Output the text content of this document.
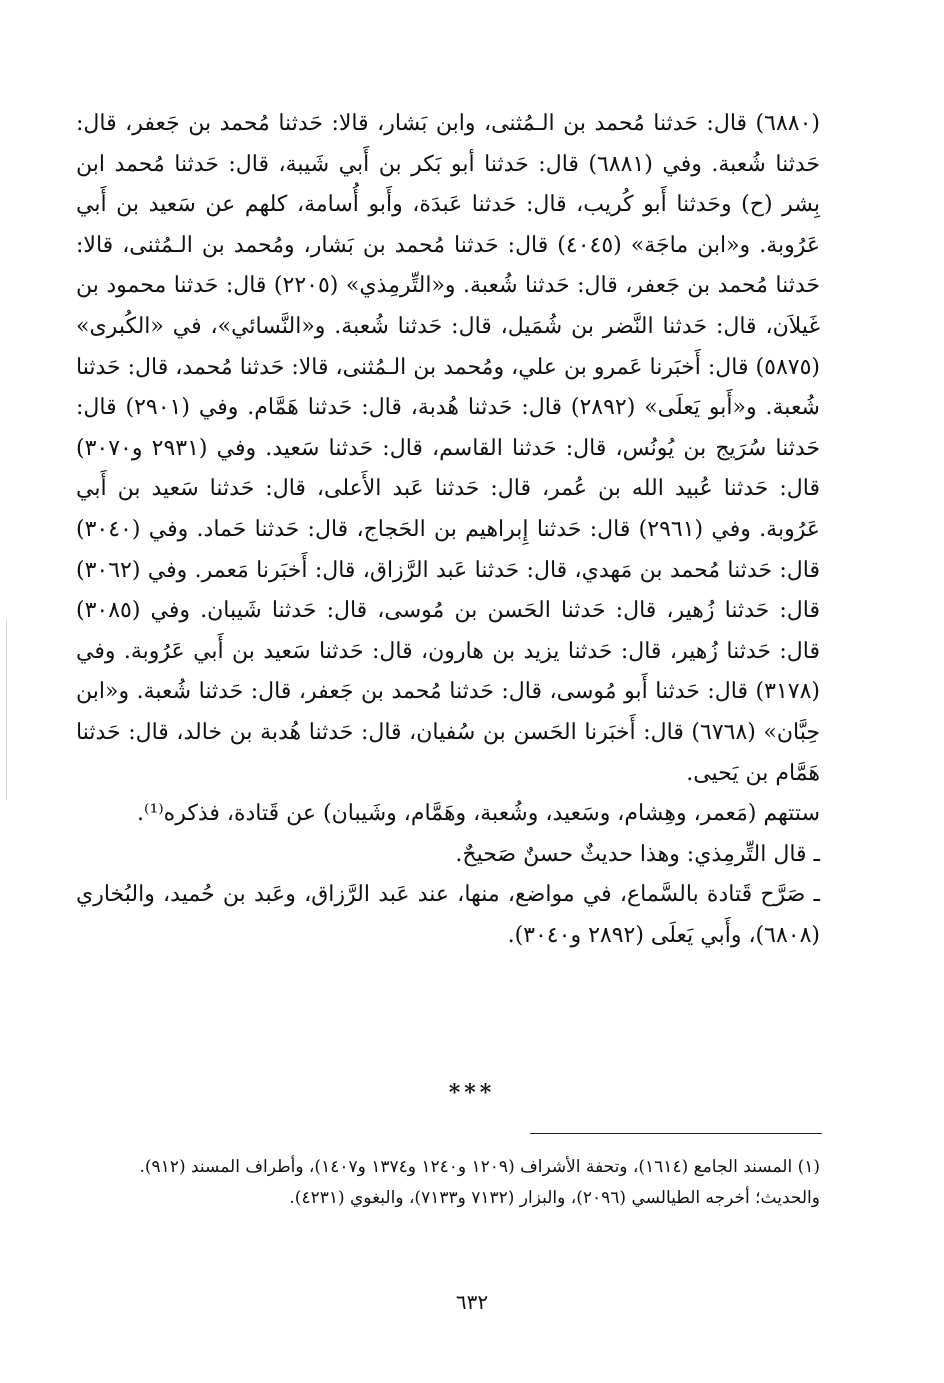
(٦٨٨٠) قال: حَدثنا مُحمد بن الـمُثنى، وابن بَشار، قالا: حَدثنا مُحمد بن جَعفر، قال: حَدثنا شُعبة. وفي (٦٨٨١) قال: حَدثنا أبو بَكر بن أَبي شَيبة، قال: حَدثنا مُحمد ابن بِشر (ح) وحَدثنا أَبو كُريب، قال: حَدثنا عَبدَة، وأَبو أُسامة، كلهم عن سَعيد بن أَبي عَرُوبة. و«ابن ماجَة» (٤٠٤٥) قال: حَدثنا مُحمد بن بَشار، ومُحمد بن الـمُثنى، قالا: حَدثنا مُحمد بن جَعفر، قال: حَدثنا شُعبة. و«التِّرمِذي» (٢٢٠٥) قال: حَدثنا محمود بن غَيلاَن، قال: حَدثنا النَّضر بن شُمَيل، قال: حَدثنا شُعبة. و«النَّسائي»، في «الكُبرى» (٥٨٧٥) قال: أَخبَرنا عَمرو بن علي، ومُحمد بن الـمُثنى، قالا: حَدثنا مُحمد، قال: حَدثنا شُعبة. و«أَبو يَعلَى» (٢٨٩٢) قال: حَدثنا هُدبة، قال: حَدثنا هَمَّام. وفي (٢٩٠١) قال: حَدثنا سُرَيج بن يُونُس، قال: حَدثنا القاسم، قال: حَدثنا سَعيد. وفي (٢٩٣١ و٣٠٧٠) قال: حَدثنا عُبيد الله بن عُمر، قال: حَدثنا عَبد الأَعلى، قال: حَدثنا سَعيد بن أَبي عَرُوبة. وفي (٢٩٦١) قال: حَدثنا إِبراهيم بن الحَجاج، قال: حَدثنا حَماد. وفي (٣٠٤٠) قال: حَدثنا مُحمد بن مَهدي، قال: حَدثنا عَبد الرَّزاق، قال: أَخبَرنا مَعمر. وفي (٣٠٦٢) قال: حَدثنا زُهير، قال: حَدثنا الحَسن بن مُوسى، قال: حَدثنا شَيبان. وفي (٣٠٨٥) قال: حَدثنا زُهير، قال: حَدثنا يزيد بن هارون، قال: حَدثنا سَعيد بن أَبي عَرُوبة. وفي (٣١٧٨) قال: حَدثنا أَبو مُوسى، قال: حَدثنا مُحمد بن جَعفر، قال: حَدثنا شُعبة. و«ابن حِبَّان» (٦٧٦٨) قال: أَخبَرنا الحَسن بن سُفيان، قال: حَدثنا هُدبة بن خالد، قال: حَدثنا هَمَّام بن يَحيى.

ستتهم (مَعمر، وهِشام، وسَعيد، وشُعبة، وهَمَّام، وشَيبان) عن قَتادة، فذكره⁽¹⁾.

ـ قال التِّرمِذي: وهذا حديثٌ حسنٌ صَحيحٌ.

ـ صَرَّح قَتادة بالسَّماع، في مواضع، منها، عند عَبد الرَّزاق، وعَبد بن حُميد، والبُخاري (٦٨٠٨)، وأَبي يَعلَى (٢٨٩٢ و٣٠٤٠).

***

(١) المسند الجامع (١٦١٤)، وتحفة الأشراف (١٢٠٩ و١٢٤٠ و١٣٧٤ و١٤٠٧)، وأطراف المسند (٩١٢).

والحديث؛ أخرجه الطيالسي (٢٠٩٦)، والبزار (٧١٣٢ و٧١٣٣)، والبغوي (٤٢٣١).

٦٣٢
